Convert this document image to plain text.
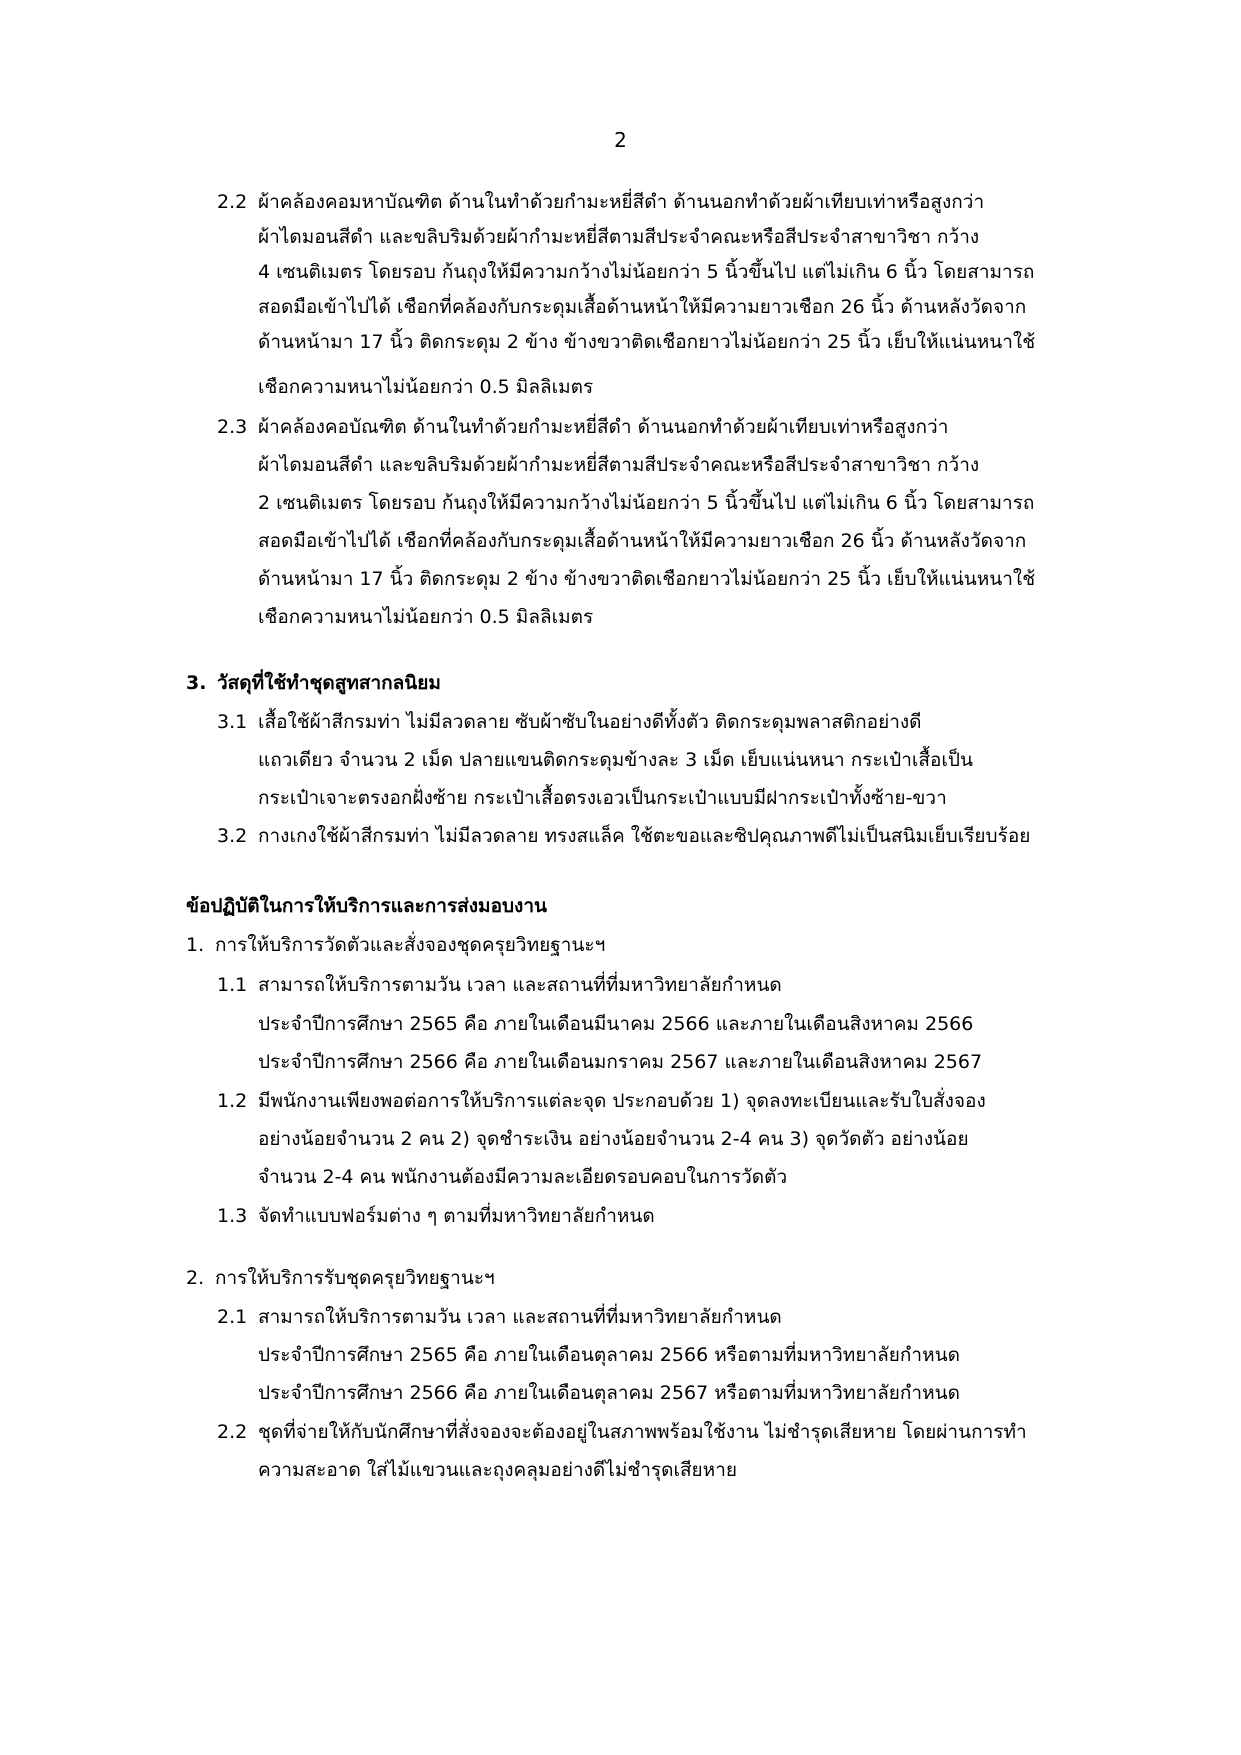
2
2.2 ผ้าคล้องคอมหาบัณฑิต ด้านในทำด้วยกำมะหยี่สีดำ ด้านนอกทำด้วยผ้าเทียบเท่าหรือสูงกว่า
ผ้าไดมอนสีดำ และขลิบริมด้วยผ้ากำมะหยี่สีตามสีประจำคณะหรือสีประจำสาขาวิชา กว้าง
4 เซนติเมตร โดยรอบ ก้นถุงให้มีความกว้างไม่น้อยกว่า 5 นิ้วขึ้นไป แต่ไม่เกิน 6 นิ้ว โดยสามารถ
สอดมือเข้าไปได้ เชือกที่คล้องกับกระดุมเสื้อด้านหน้าให้มีความยาวเชือก 26 นิ้ว ด้านหลังวัดจาก
ด้านหน้ามา 17 นิ้ว ติดกระดุม 2 ข้าง ข้างขวาติดเชือกยาวไม่น้อยกว่า 25 นิ้ว เย็บให้แน่นหนาใช้
เชือกความหนาไม่น้อยกว่า 0.5 มิลลิเมตร
2.3 ผ้าคล้องคอบัณฑิต ด้านในทำด้วยกำมะหยี่สีดำ ด้านนอกทำด้วยผ้าเทียบเท่าหรือสูงกว่า
ผ้าไดมอนสีดำ และขลิบริมด้วยผ้ากำมะหยี่สีตามสีประจำคณะหรือสีประจำสาขาวิชา กว้าง
2 เซนติเมตร โดยรอบ ก้นถุงให้มีความกว้างไม่น้อยกว่า 5 นิ้วขึ้นไป แต่ไม่เกิน 6 นิ้ว โดยสามารถ
สอดมือเข้าไปได้ เชือกที่คล้องกับกระดุมเสื้อด้านหน้าให้มีความยาวเชือก 26 นิ้ว ด้านหลังวัดจาก
ด้านหน้ามา 17 นิ้ว ติดกระดุม 2 ข้าง ข้างขวาติดเชือกยาวไม่น้อยกว่า 25 นิ้ว เย็บให้แน่นหนาใช้
เชือกความหนาไม่น้อยกว่า 0.5 มิลลิเมตร
3. วัสดุที่ใช้ทำชุดสูทสากลนิยม
3.1 เสื้อใช้ผ้าสีกรมท่า ไม่มีลวดลาย ซับผ้าซับในอย่างดีทั้งตัว ติดกระดุมพลาสติกอย่างดี
แถวเดียว จำนวน 2 เม็ด ปลายแขนติดกระดุมข้างละ 3 เม็ด เย็บแน่นหนา กระเป๋าเสื้อเป็น
กระเป๋าเจาะตรงอกฝั่งซ้าย กระเป๋าเสื้อตรงเอวเป็นกระเป๋าแบบมีฝากระเป๋าทั้งซ้าย-ขวา
3.2 กางเกงใช้ผ้าสีกรมท่า ไม่มีลวดลาย ทรงสแล็ค ใช้ตะขอและซิปคุณภาพดีไม่เป็นสนิมเย็บเรียบร้อย
ข้อปฏิบัติในการให้บริการและการส่งมอบงาน
1. การให้บริการวัดตัวและสั่งจองชุดครุยวิทยฐานะฯ
1.1 สามารถให้บริการตามวัน เวลา และสถานที่ที่มหาวิทยาลัยกำหนด
ประจำปีการศึกษา 2565 คือ ภายในเดือนมีนาคม 2566 และภายในเดือนสิงหาคม 2566
ประจำปีการศึกษา 2566 คือ ภายในเดือนมกราคม 2567 และภายในเดือนสิงหาคม 2567
1.2 มีพนักงานเพียงพอต่อการให้บริการแต่ละจุด ประกอบด้วย 1) จุดลงทะเบียนและรับใบสั่งจอง
อย่างน้อยจำนวน 2 คน 2) จุดชำระเงิน อย่างน้อยจำนวน 2-4 คน 3) จุดวัดตัว อย่างน้อย
จำนวน 2-4 คน พนักงานต้องมีความละเอียดรอบคอบในการวัดตัว
1.3 จัดทำแบบฟอร์มต่าง ๆ ตามที่มหาวิทยาลัยกำหนด
2. การให้บริการรับชุดครุยวิทยฐานะฯ
2.1 สามารถให้บริการตามวัน เวลา และสถานที่ที่มหาวิทยาลัยกำหนด
ประจำปีการศึกษา 2565 คือ ภายในเดือนตุลาคม 2566 หรือตามที่มหาวิทยาลัยกำหนด
ประจำปีการศึกษา 2566 คือ ภายในเดือนตุลาคม 2567 หรือตามที่มหาวิทยาลัยกำหนด
2.2 ชุดที่จ่ายให้กับนักศึกษาที่สั่งจองจะต้องอยู่ในสภาพพร้อมใช้งาน ไม่ชำรุดเสียหาย โดยผ่านการทำ
ความสะอาด ใส่ไม้แขวนและถุงคลุมอย่างดีไม่ชำรุดเสียหาย
